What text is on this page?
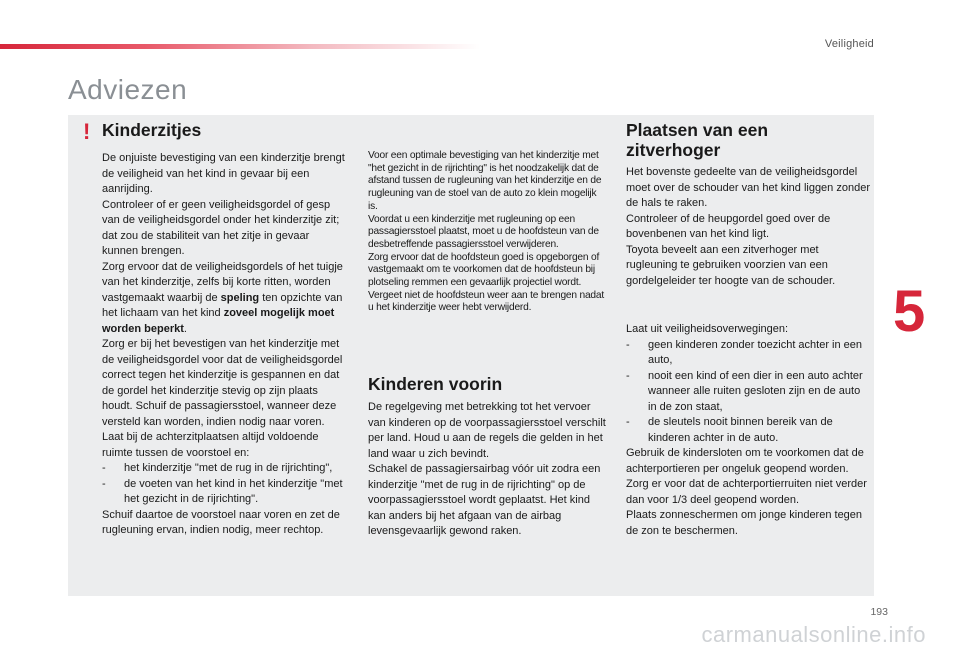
Veiligheid
Adviezen
5
! Kinderzitjes

De onjuiste bevestiging van een kinderzitje brengt de veiligheid van het kind in gevaar bij een aanrijding.

Controleer of er geen veiligheidsgordel of gesp van de veiligheidsgordel onder het kinderzitje zit; dat zou de stabiliteit van het zitje in gevaar kunnen brengen.

Zorg ervoor dat de veiligheidsgordels of het tuigje van het kinderzitje, zelfs bij korte ritten, worden vastgemaakt waarbij de speling ten opzichte van het lichaam van het kind zoveel mogelijk moet worden beperkt.

Zorg er bij het bevestigen van het kinderzitje met de veiligheidsgordel voor dat de veiligheidsgordel correct tegen het kinderzitje is gespannen en dat de gordel het kinderzitje stevig op zijn plaats houdt. Schuif de passagiersstoel, wanneer deze versteld kan worden, indien nodig naar voren.

Laat bij de achterzitplaatsen altijd voldoende ruimte tussen de voorstoel en:

- het kinderzitje "met de rug in de rijrichting",
- de voeten van het kind in het kinderzitje "met het gezicht in de rijrichting".

Schuif daartoe de voorstoel naar voren en zet de rugleuning ervan, indien nodig, meer rechtop.

Voor een optimale bevestiging van het kinderzitje met "het gezicht in de rijrichting" is het noodzakelijk dat de afstand tussen de rugleuning van het kinderzitje en de rugleuning van de stoel van de auto zo klein mogelijk is.

Voordat u een kinderzitje met rugleuning op een passagiersstoel plaatst, moet u de hoofdsteun van de desbetreffende passagiersstoel verwijderen.

Zorg ervoor dat de hoofdsteun goed is opgeborgen of vastgemaakt om te voorkomen dat de hoofdsteun bij plotseling remmen een gevaarlijk projectiel wordt.

Vergeet niet de hoofdsteun weer aan te brengen nadat u het kinderzitje weer hebt verwijderd.

Kinderen voorin

De regelgeving met betrekking tot het vervoer van kinderen op de voorpassagiersstoel verschilt per land. Houd u aan de regels die gelden in het land waar u zich bevindt.

Schakel de passagiersairbag vóór uit zodra een kinderzitje "met de rug in de rijrichting" op de voorpassagiersstoel wordt geplaatst. Het kind kan anders bij het afgaan van de airbag levensgevaarlijk gewond raken.

Plaatsen van een zitverhoger

Het bovenste gedeelte van de veiligheidsgordel moet over de schouder van het kind liggen zonder de hals te raken.

Controleer of de heupgordel goed over de bovenbenen van het kind ligt.

Toyota beveelt aan een zitverhoger met rugleuning te gebruiken voorzien van een gordelgeleider ter hoogte van de schouder.

Laat uit veiligheidsoverwegingen:

- geen kinderen zonder toezicht achter in een auto,
- nooit een kind of een dier in een auto achter wanneer alle ruiten gesloten zijn en de auto in de zon staat,
- de sleutels nooit binnen bereik van de kinderen achter in de auto.

Gebruik de kindersloten om te voorkomen dat de achterportieren per ongeluk geopend worden.

Zorg er voor dat de achterportierruiten niet verder dan voor 1/3 deel geopend worden.

Plaats zonneschermen om jonge kinderen tegen de zon te beschermen.

193
carmanualsonline.info
